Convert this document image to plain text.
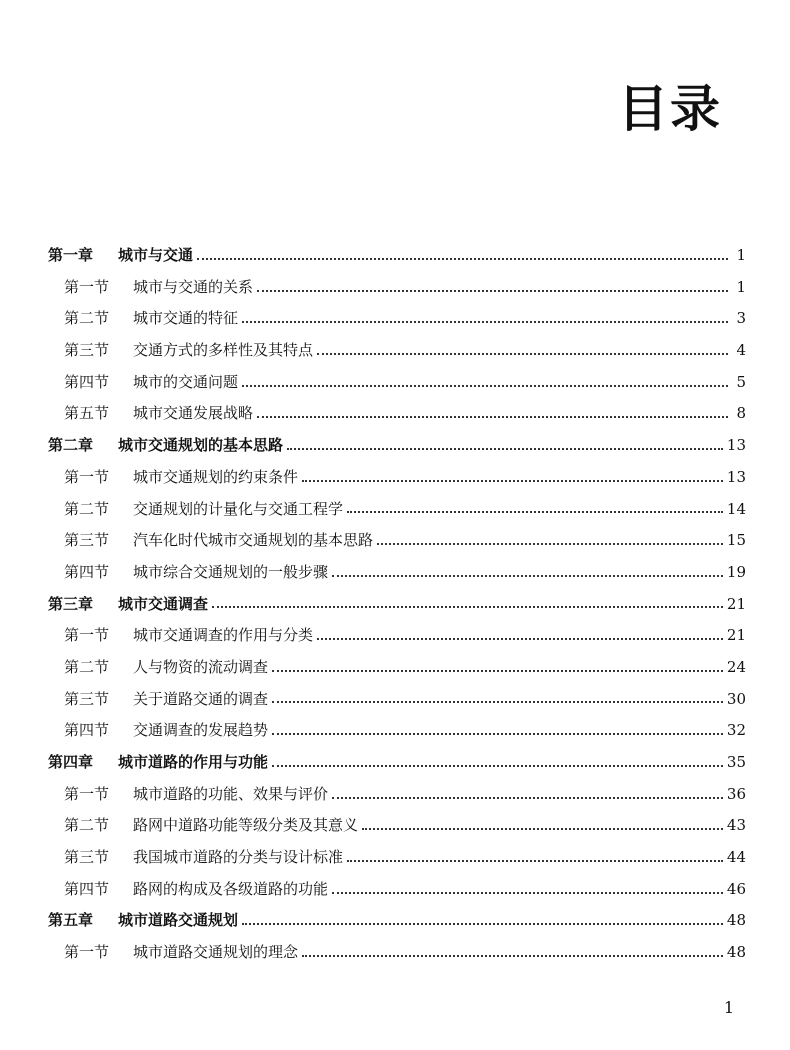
目录
第一章	城市与交通	1
第一节	城市与交通的关系	1
第二节	城市交通的特征	3
第三节	交通方式的多样性及其特点	4
第四节	城市的交通问题	5
第五节	城市交通发展战略	8
第二章	城市交通规划的基本思路	13
第一节	城市交通规划的约束条件	13
第二节	交通规划的计量化与交通工程学	14
第三节	汽车化时代城市交通规划的基本思路	15
第四节	城市综合交通规划的一般步骤	19
第三章	城市交通调查	21
第一节	城市交通调查的作用与分类	21
第二节	人与物资的流动调查	24
第三节	关于道路交通的调查	30
第四节	交通调查的发展趋势	32
第四章	城市道路的作用与功能	35
第一节	城市道路的功能、效果与评价	36
第二节	路网中道路功能等级分类及其意义	43
第三节	我国城市道路的分类与设计标准	44
第四节	路网的构成及各级道路的功能	46
第五章	城市道路交通规划	48
第一节	城市道路交通规划的理念	48
1
